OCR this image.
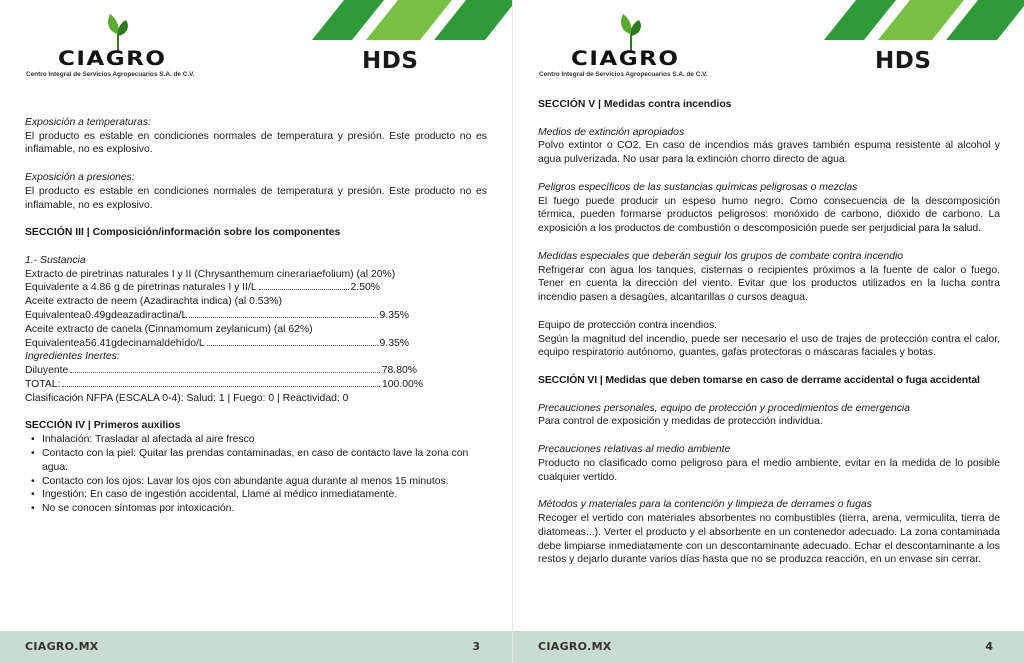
CIAGRO
Centro Integral de Servicios Agropecuarios S.A. de C.V.
HDS

Exposición a temperaturas:

El producto es estable en condiciones normales de temperatura y presión. Este producto no es inflamable, no es explosivo.

Exposición a presiones:

El producto es estable en condiciones normales de temperatura y presión. Este producto no es inflamable, no es explosivo.

SECCIÓN III | Composición/información sobre los componentes

1.- Sustancia

Extracto de piretrinas naturales I y II (Chrysanthemum cinerariaefolium) (al 20%)

Equivalente a 4.86 g de piretrinas naturales I y II/L	2.50%

Aceite extracto de neem (Azadirachta indica) (al 0.53%)

Equivalentea0.49gdeazadiractina/L	9.35%

Aceite extracto de canela (Cinnamomum zeylanicum) (al 62%)

Equivalentea56.41gdecinamaldehído/L	9.35%

Ingredientes Inertes:

Diluyente	78.80%
TOTAL:	100.00%

Clasificación NFPA (ESCALA 0-4): Salud: 1 | Fuego: 0 | Reactividad: 0

SECCIÓN IV | Primeros auxilios

• Inhalación: Trasladar al afectada al aire fresco
• Contacto con la piel: Quitar las prendas contaminadas, en caso de contacto lave la zona con agua.
• Contacto con los ojos: Lavar los ojos con abundante agua durante al menos 15 minutos.
• Ingestión: En caso de ingestión accidental, Llame al médico inmediatamente.
• No se conocen síntomas por intoxicación.
CIAGRO.MX	3
CIAGRO
Centro Integral de Servicios Agropecuarios S.A. de C.V.
HDS

SECCIÓN V | Medidas contra incendios

Medios de extinción apropiados

Polvo extintor o CO2. En caso de incendios más graves también espuma resistente al alcohol y agua pulverizada. No usar para la extinción chorro directo de agua.

Peligros específicos de las sustancias químicas peligrosas o mezclas

El fuego puede producir un espeso humo negro. Como consecuencia de la descomposición térmica, pueden formarse productos peligrosos: monóxido de carbono, dióxido de carbono. La exposición a los productos de combustión o descomposición puede ser perjudicial para la salud.

Medidas especiales que deberán seguir los grupos de combate contra incendio

Refrigerar con agua los tanques, cisternas o recipientes próximos a la fuente de calor o fuego. Tener en cuenta la dirección del viento. Evitar que los productos utilizados en la lucha contra incendio pasen a desagües, alcantarillas o cursos deagua.

Equipo de protección contra incendios.

Según la magnitud del incendio, puede ser necesario el uso de trajes de protección contra el calor, equipo respiratorio autónomo, guantes, gafas protectoras o máscaras faciales y botas.

SECCIÓN VI | Medidas que deben tomarse en caso de derrame accidental o fuga accidental

Precauciones personales, equipo de protección y procedimientos de emergencia

Para control de exposición y medidas de protección individua.

Precauciones relativas al medio ambiente

Producto no clasificado como peligroso para el medio ambiente, evitar en la medida de lo posible cualquier vertido.

Métodos y materiales para la contención y limpieza de derrames o fugas

Recoger el vertido con materiales absorbentes no combustibles (tierra, arena, vermiculita, tierra de diatomeas...). Verter el producto y el absorbente en un contenedor adecuado. La zona contaminada debe limpiarse inmediatamente con un descontaminante adecuado. Echar el descontaminante a los restos y dejarlo durante varios días hasta que no se produzca reacción, en un envase sin cerrar.

CIAGRO.MX	4
